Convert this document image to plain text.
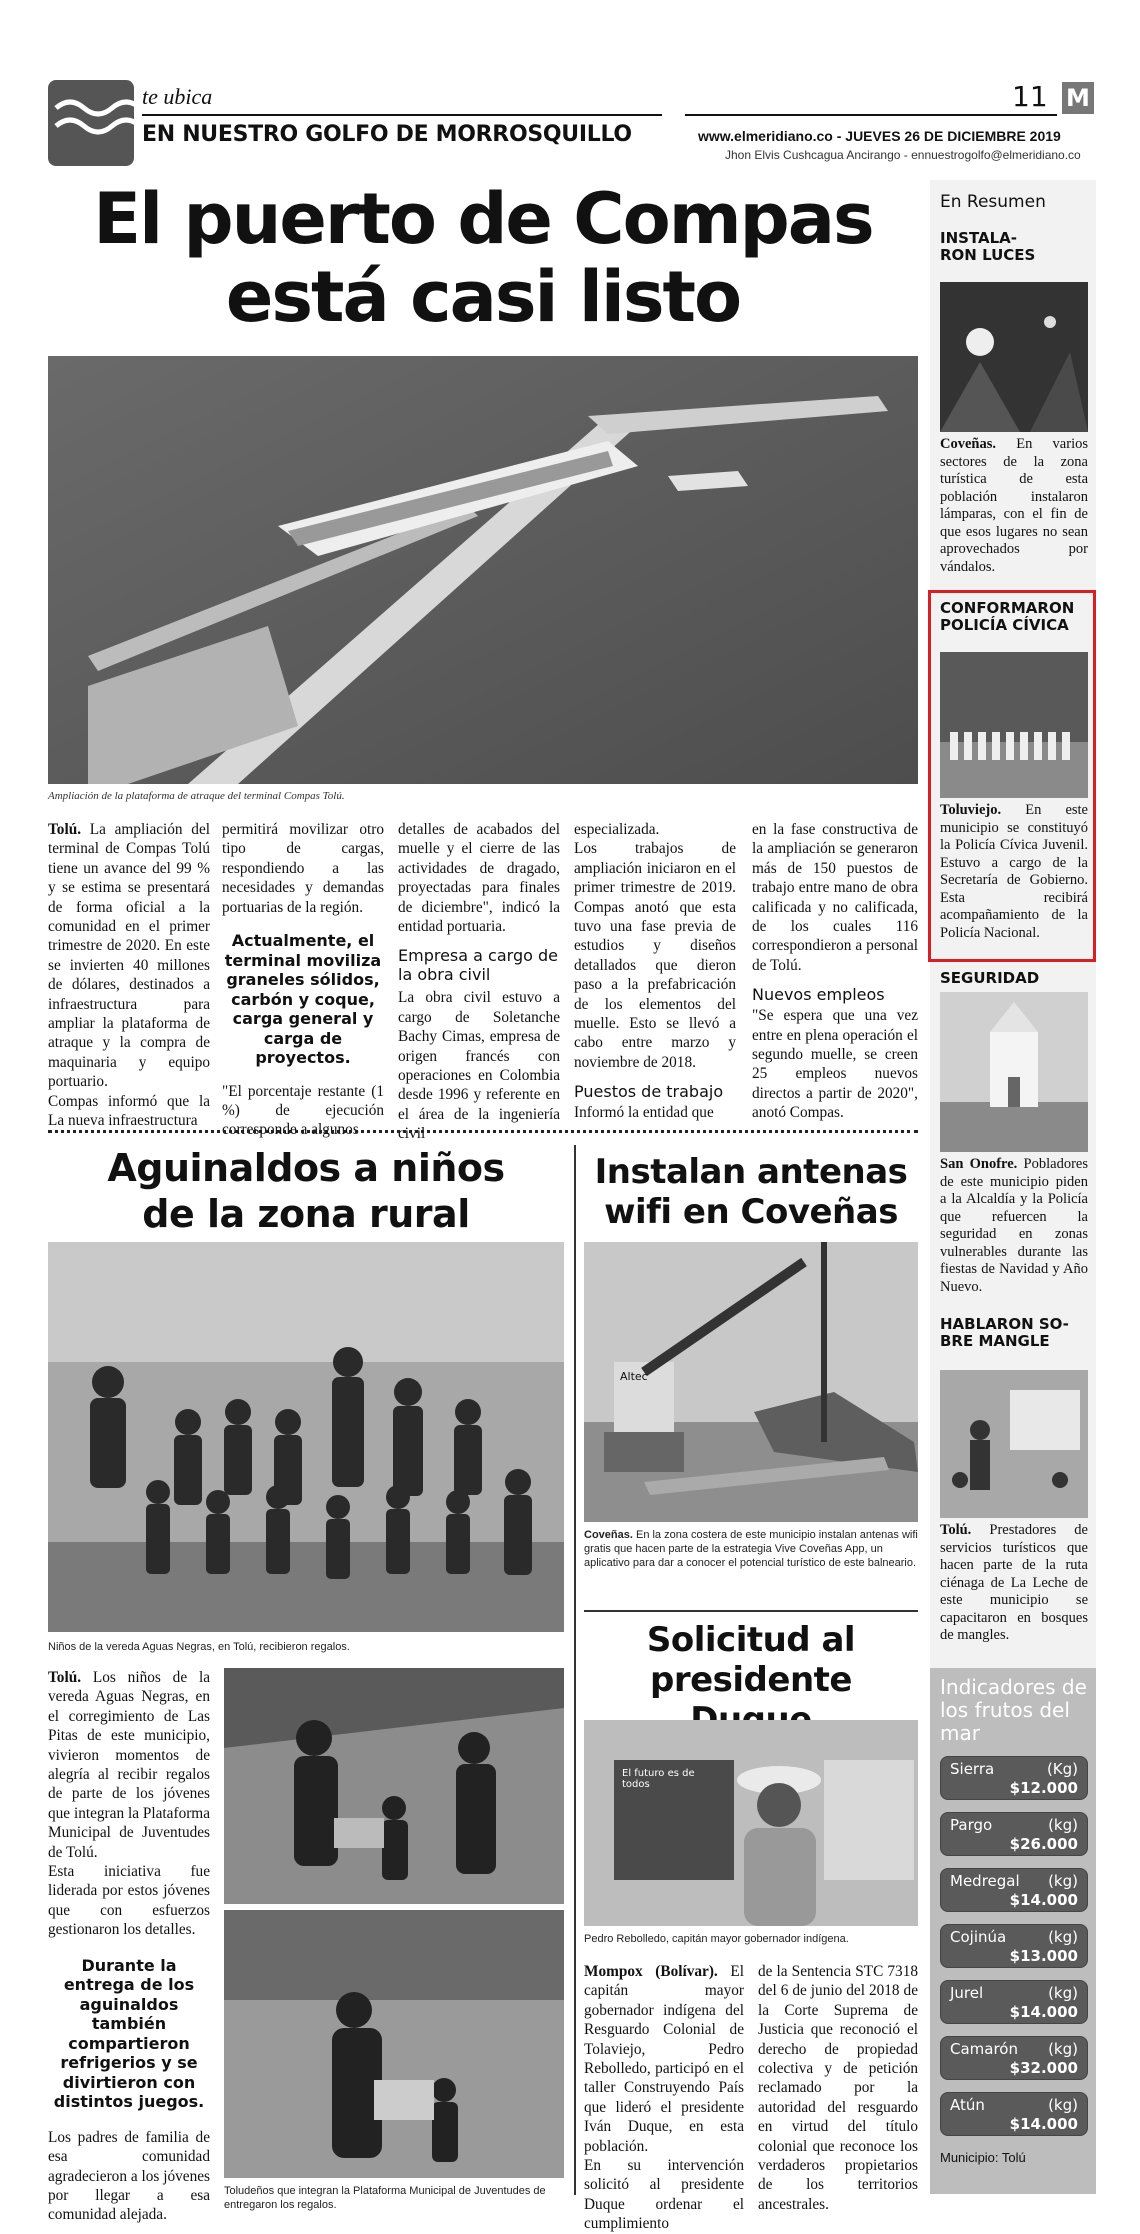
te ubica
EN NUESTRO GOLFO DE MORROSQUILLO
11 M
www.elmeridiano.co - JUEVES 26 DE DICIEMBRE 2019
Jhon Elvis Cushcagua Ancirango - ennuestrogolfo@elmeridiano.co
El puerto de Compas
está casi listo
Ampliación de la plataforma de atraque del terminal Compas Tolú.

Tolú. La ampliación del terminal de Compas Tolú tiene un avance del 99 % y se estima se presentará de forma oficial a la comunidad en el primer trimestre de 2020. En este se invierten 40 millones de dólares, destinados a infraestructura para ampliar la plataforma de atraque y la compra de maquinaria y equipo portuario.

Compas informó que la La nueva infraestructura

permitirá movilizar otro tipo de cargas, respondiendo a las necesidades y demandas portuarias de la región.

Actualmente, el terminal moviliza graneles sólidos, carbón y coque, carga general y carga de proyectos.

"El porcentaje restante (1 %) de ejecución corresponde a algunos

detalles de acabados del muelle y el cierre de las actividades de dragado, proyectadas para finales de diciembre", indicó la entidad portuaria.

Empresa a cargo de la obra civil

La obra civil estuvo a cargo de Soletanche Bachy Cimas, empresa de origen francés con operaciones en Colombia desde 1996 y referente en el área de la ingeniería civil

especializada.

Los trabajos de ampliación iniciaron en el primer trimestre de 2019. Compas anotó que esta tuvo una fase previa de estudios y diseños detallados que dieron paso a la prefabricación de los elementos del muelle. Esto se llevó a cabo entre marzo y noviembre de 2018.

Puestos de trabajo

Informó la entidad que

en la fase constructiva de la ampliación se generaron más de 150 puestos de trabajo entre mano de obra calificada y no calificada, de los cuales 116 correspondieron a personal de Tolú.

Nuevos empleos

"Se espera que una vez entre en plena operación el segundo muelle, se creen 25 empleos nuevos directos a partir de 2020", anotó Compas.

Aguinaldos a niños
de la zona rural
Niños de la vereda Aguas Negras, en Tolú, recibieron regalos.

Tolú. Los niños de la vereda Aguas Negras, en el corregimiento de Las Pitas de este municipio, vivieron momentos de alegría al recibir regalos de parte de los jóvenes que integran la Plataforma Municipal de Juventudes de Tolú.

Esta iniciativa fue liderada por estos jóvenes que con esfuerzos gestionaron los detalles.

Durante la entrega de los aguinaldos también compartieron refrigerios y se divirtieron con distintos juegos.

Los padres de familia de esa comunidad agradecieron a los jóvenes por llegar a esa comunidad alejada.

Toludeños que integran la Plataforma Municipal de Juventudes de entregaron los regalos.
Instalan antenas
wifi en Coveñas
Altec
Coveñas. En la zona costera de este municipio instalan antenas wifi gratis que hacen parte de la estrategia Vive Coveñas App, un aplicativo para dar a conocer el potencial turístico de este balneario.
Solicitud al
presidente
El futuro es de todos
Pedro Rebolledo, capitán mayor gobernador indígena.

Mompox (Bolívar). El capitán mayor gobernador indígena del Resguardo Colonial de Tolaviejo, Pedro Rebolledo, participó en el taller Construyendo País que lideró el presidente Iván Duque, en esta población.

En su intervención solicitó al presidente Duque ordenar el cumplimiento

de la Sentencia STC 7318 del 6 de junio del 2018 de la Corte Suprema de Justicia que reconoció el derecho de propiedad colectiva y de petición reclamado por la autoridad del resguardo en virtud del título colonial que reconoce los verdaderos propietarios de los territorios ancestrales.

En Resumen
INSTALA- RON LUCES
Coveñas. En varios sectores de la zona turística de esta población instalaron lámparas, con el fin de que esos lugares no sean aprovechados por vándalos.
CONFORMARON POLICÍA CÍVICA
Toluviejo. En este municipio se constituyó la Policía Cívica Juvenil. Estuvo a cargo de la Secretaría de Gobierno. Esta recibirá acompañamiento de la Policía Nacional.
SEGURIDAD
San Onofre. Pobladores de este municipio piden a la Alcaldía y la Policía que refuercen la seguridad en zonas vulnerables durante las fiestas de Navidad y Año Nuevo.
HABLARON SO- BRE MANGLE
Tolú. Prestadores de servicios turísticos que hacen parte de la ruta ciénaga de La Leche de este municipio se capacitaron en bosques de mangles.
Indicadores de los frutos del mar
Sierra	(Kg)
$12.000
Pargo	(kg)
$26.000
Medregal (kg)
$14.000
Cojinúa	(kg)
$13.000
Jurel	(kg)
$14.000
Camarón (kg)
$32.000
Atún	(kg)
$14.000
Municipio: Tolú
